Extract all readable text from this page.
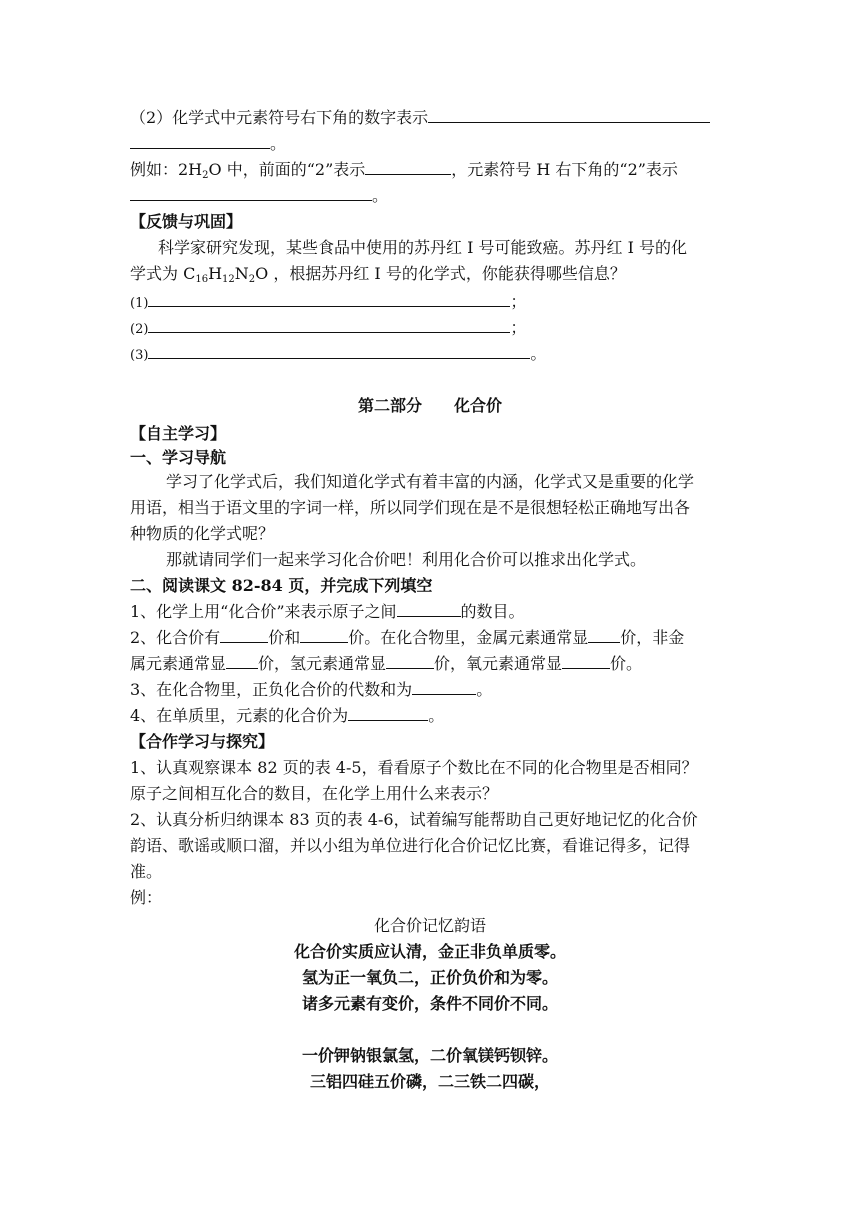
（2）化学式中元素符号右下角的数字表示
。
例如：$2H_2O$ 中，前面的“2”表示	，元素符号 H 右下角的“2”表示
。
【反馈与巩固】
科学家研究发现，某些食品中使用的苏丹红 I 号可能致癌。苏丹红 I 号的化
学式为 $C_{16}H_{12}N_2O$ ，根据苏丹红 I 号的化学式，你能获得哪些信息？
(1)	；
(2)	；
(3)	。
第二部分　　化合价
【自主学习】
一、学习导航
学习了化学式后，我们知道化学式有着丰富的内涵，化学式又是重要的化学
用语，相当于语文里的字词一样，所以同学们现在是不是很想轻松正确地写出各
种物质的化学式呢？
那就请同学们一起来学习化合价吧！利用化合价可以推求出化学式。
二、阅读课文 82-84 页，并完成下列填空
1、化学上用“化合价”来表示原子之间	的数目。
2、化合价有	价和	价。在化合物里，金属元素通常显 价，非金
属元素通常显 价，氢元素通常显	价，氧元素通常显	价。
3、在化合物里，正负化合价的代数和为	。
4、在单质里，元素的化合价为	。
【合作学习与探究】
1、认真观察课本 82 页的表 4-5，看看原子个数比在不同的化合物里是否相同？
原子之间相互化合的数目，在化学上用什么来表示？
2、认真分析归纳课本 83 页的表 4-6，试着编写能帮助自己更好地记忆的化合价
韵语、歌谣或顺口溜，并以小组为单位进行化合价记忆比赛，看谁记得多，记得
准。
例：
化合价记忆韵语
化合价实质应认清，金正非负单质零。
氢为正一氧负二，正价负价和为零。
诸多元素有变价，条件不同价不同。
一价钾钠银氯氢，二价氧镁钙钡锌。
三铝四硅五价磷，二三铁二四碳，
